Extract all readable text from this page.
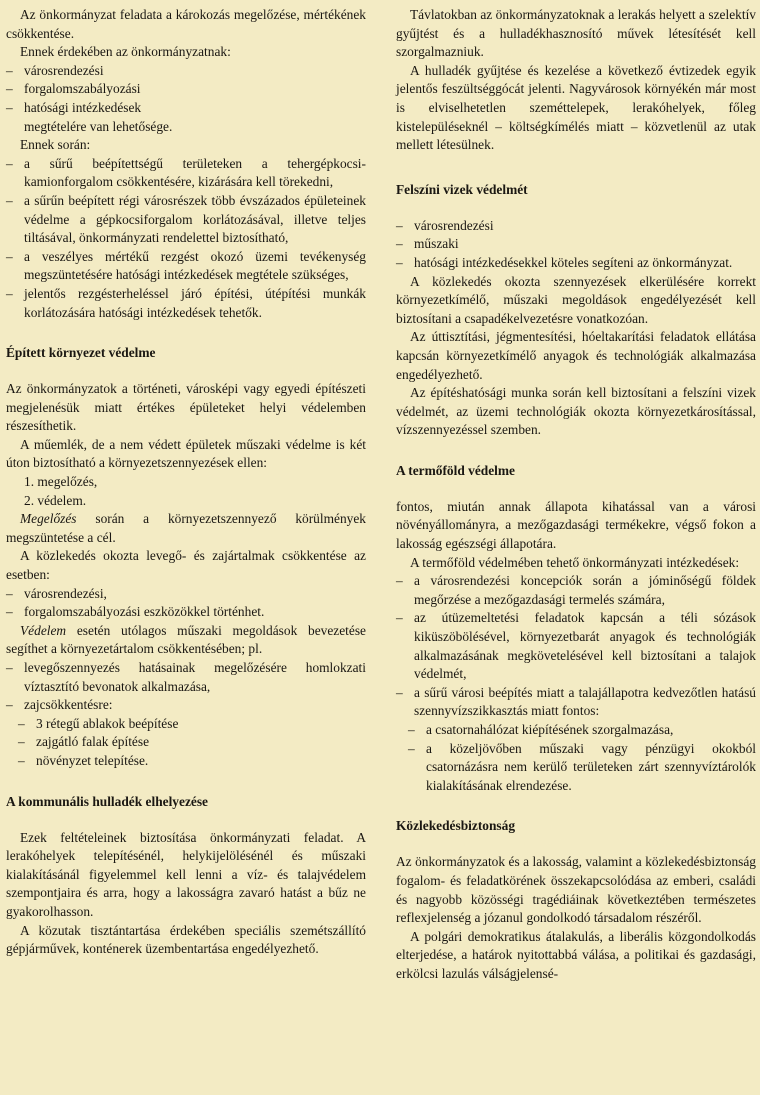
Az önkormányzat feladata a károkozás megelőzése, mértékének csökkentése.

Ennek érdekében az önkormányzatnak:

– városrendezési
– forgalomszabályozási
– hatósági intézkedések
megtételére van lehetősége.

Ennek során:

– a sűrű beépítettségű területeken a tehergépkocsi-kamionforgalom csökkentésére, kizárására kell törekedni,
– a sűrűn beépített régi városrészek több évszázados épületeinek védelme a gépkocsiforgalom korlátozásával, illetve teljes tiltásával, önkormányzati rendelettel biztosítható,
– a veszélyes mértékű rezgést okozó üzemi tevékenység megszüntetésére hatósági intézkedések megtétele szükséges,
– jelentős rezgésterheléssel járó építési, útépítési munkák korlátozására hatósági intézkedések tehetők.
Épített környezet védelme

Az önkormányzatok a történeti, városképi vagy egyedi építészeti megjelenésük miatt értékes épületeket helyi védelemben részesíthetik.

A műemlék, de a nem védett épületek műszaki védelme is két úton biztosítható a környezetszennyezések ellen:

1. megelőzés,
2. védelem.

Megelőzés során a környezetszennyező körülmények megszüntetése a cél.

A közlekedés okozta levegő- és zajártalmak csökkentése az esetben:

– városrendezési,
– forgalomszabályozási eszközökkel történhet.

Védelem esetén utólagos műszaki megoldások bevezetése segíthet a környezetártalom csökkentésében; pl.

– levegőszennyezés hatásainak megelőzésére homlokzati víztasztító bevonatok alkalmazása,
– zajcsökkentésre:
– 3 rétegű ablakok beépítése
– zajgátló falak építése
– növényzet telepítése.
A kommunális hulladék elhelyezése

Ezek feltételeinek biztosítása önkormányzati feladat. A lerakóhelyek telepítésénél, helykijelölésénél és műszaki kialakításánál figyelemmel kell lenni a víz- és talajvédelem szempontjaira és arra, hogy a lakosságra zavaró hatást a bűz ne gyakorolhasson.

A közutak tisztántartása érdekében speciális szemétszállító gépjárművek, konténerek üzembentartása engedélyezhető.

Távlatokban az önkormányzatoknak a lerakás helyett a szelektív gyűjtést és a hulladékhasznosító művek létesítését kell szorgalmazniuk.

A hulladék gyűjtése és kezelése a következő évtizedek egyik jelentős feszültséggócát jelenti. Nagyvárosok környékén már most is elviselhetetlen szeméttelepek, lerakóhelyek, főleg kistelepüléseknél – költségkímélés miatt – közvetlenül az utak mellett létesülnek.

Felszíni vizek védelmét
– városrendezési
– műszaki
– hatósági intézkedésekkel köteles segíteni az önkormányzat.

A közlekedés okozta szennyezések elkerülésére korrekt környezetkímélő, műszaki megoldások engedélyezését kell biztosítani a csapadékelvezetésre vonatkozóan.

Az úttisztítási, jégmentesítési, hóeltakarítási feladatok ellátása kapcsán környezetkímélő anyagok és technológiák alkalmazása engedélyezhető.

Az építéshatósági munka során kell biztosítani a felszíni vizek védelmét, az üzemi technológiák okozta környezetkárosítással, vízszennyezéssel szemben.

A termőföld védelme

fontos, miután annak állapota kihatással van a városi növényállományra, a mezőgazdasági termékekre, végső fokon a lakosság egészségi állapotára.

A termőföld védelmében tehető önkormányzati intézkedések:

– a városrendezési koncepciók során a jóminőségű földek megőrzése a mezőgazdasági termelés számára,
– az útüzemeltetési feladatok kapcsán a téli sózások kiküszöbölésével, környezetbarát anyagok és technológiák alkalmazásának megkövetelésével kell biztosítani a talajok védelmét,
– a sűrű városi beépítés miatt a talajállapotra kedvezőtlen hatású szennyvízszikkasztás miatt fontos:
– a csatornahálózat kiépítésének szorgalmazása,
– a közeljövőben műszaki vagy pénzügyi okokból csatornázásra nem kerülő területeken zárt szennyvíztárolók kialakításának elrendezése.
Közlekedésbiztonság

Az önkormányzatok és a lakosság, valamint a közlekedésbiztonság fogalom- és feladatkörének összekapcsolódása az emberi, családi és nagyobb közösségi tragédiáinak következtében természetes reflexjelenség a józanul gondolkodó társadalom részéről.

A polgári demokratikus átalakulás, a liberális közgondolkodás elterjedése, a határok nyitottabbá válása, a politikai és gazdasági, erkölcsi lazulás válságjelensé-
